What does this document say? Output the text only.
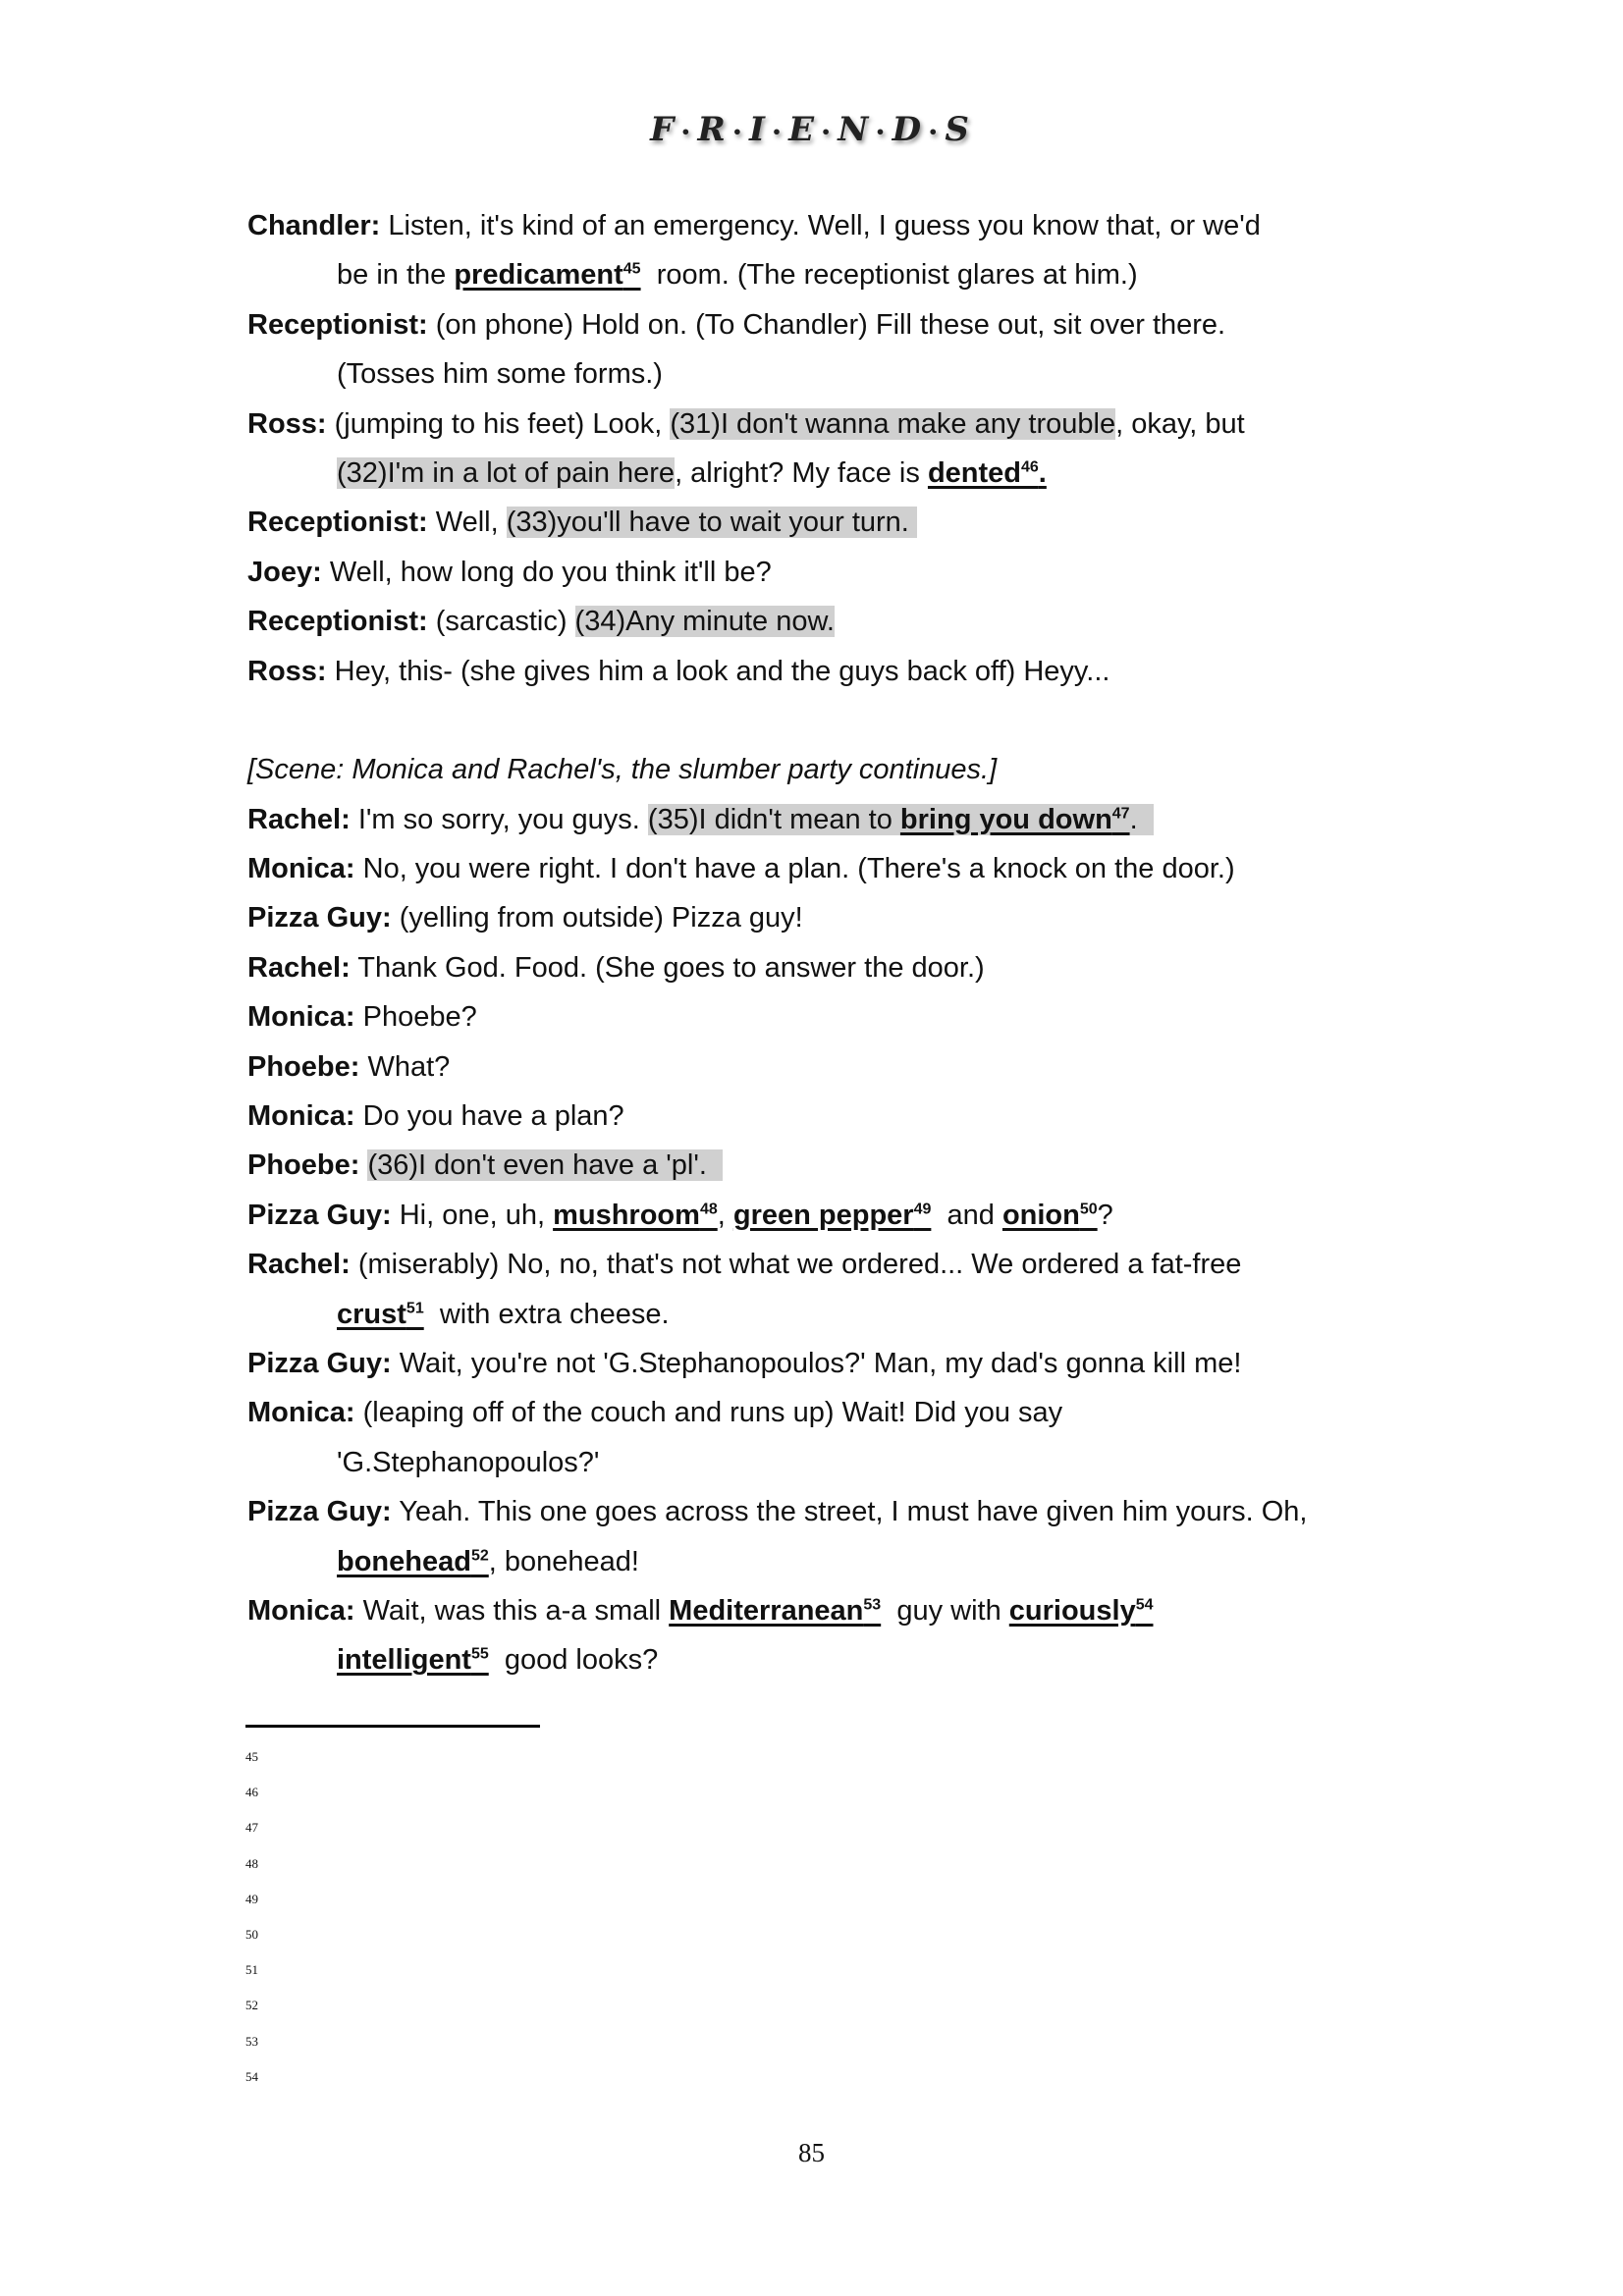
F •R •I •E •N •D •S
Chandler: Listen, it's kind of an emergency. Well, I guess you know that, or we'd
be in the predicament$^{45}$  room. (The receptionist glares at him.)
Receptionist: (on phone) Hold on. (To Chandler) Fill these out, sit over there.
(Tosses him some forms.)
Ross: (jumping to his feet) Look, (31)I don't wanna make any trouble, okay, but
(32)I'm in a lot of pain here, alright? My face is dented$^{46}$.
Receptionist: Well, (33)you'll have to wait your turn.
Joey: Well, how long do you think it'll be?
Receptionist: (sarcastic) (34)Any minute now.
Ross: Hey, this- (she gives him a look and the guys back off) Heyy...
[Scene: Monica and Rachel's, the slumber party continues.]
Rachel: I'm so sorry, you guys. (35)I didn't mean to bring you down$^{47}$.
Monica: No, you were right. I don't have a plan. (There's a knock on the door.)
Pizza Guy: (yelling from outside) Pizza guy!
Rachel: Thank God. Food. (She goes to answer the door.)
Monica: Phoebe?
Phoebe: What?
Monica: Do you have a plan?
Phoebe: (36)I don't even have a 'pl'.
Pizza Guy: Hi, one, uh, mushroom$^{48}$, green pepper$^{49}$  and onion$^{50}$?
Rachel: (miserably) No, no, that's not what we ordered... We ordered a fat-free
crust$^{51}$  with extra cheese.
Pizza Guy: Wait, you're not 'G.Stephanopoulos?' Man, my dad's gonna kill me!
Monica: (leaping off of the couch and runs up) Wait! Did you say
'G.Stephanopoulos?'
Pizza Guy: Yeah. This one goes across the street, I must have given him yours. Oh,
bonehead$^{52}$, bonehead!
Monica: Wait, was this a-a small Mediterranean$^{53}$  guy with curiously$^{54}$
intelligent$^{55}$  good looks?
45
46
47
48
49
50
51
52
53
54
85
